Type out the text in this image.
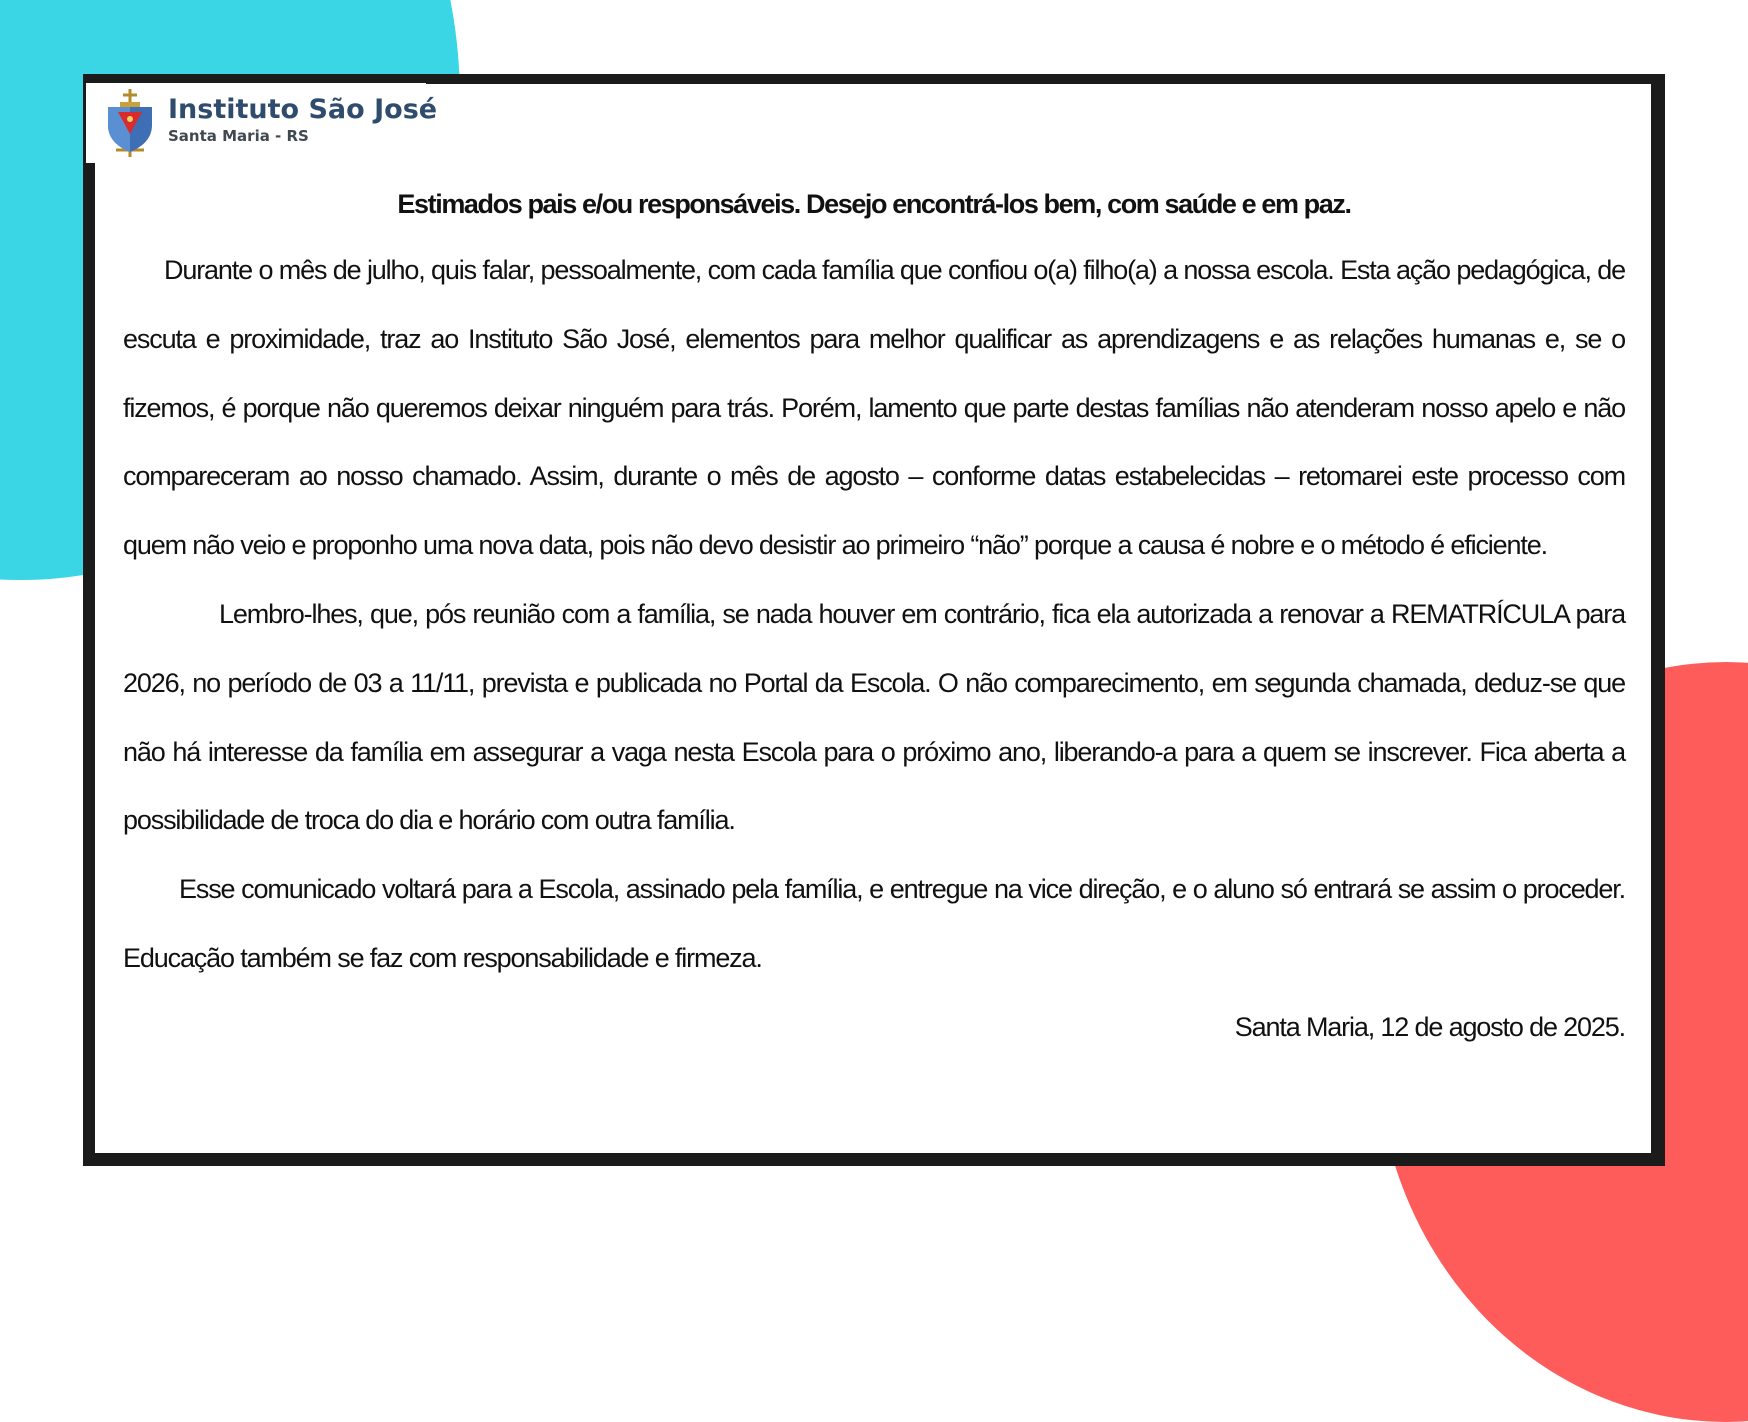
Instituto São José
Santa Maria - RS

Estimados pais e/ou responsáveis. Desejo encontrá-los bem, com saúde e em paz.

Durante o mês de julho, quis falar, pessoalmente, com cada família que confiou o(a) filho(a) a nossa escola. Esta ação pedagógica, de escuta e proximidade, traz ao Instituto São José, elementos para melhor qualificar as aprendizagens e as relações humanas e, se o fizemos, é porque não queremos deixar ninguém para trás. Porém, lamento que parte destas famílias não atenderam nosso apelo e não compareceram ao nosso chamado. Assim, durante o mês de agosto – conforme datas estabelecidas – retomarei este processo com quem não veio e proponho uma nova data, pois não devo desistir ao primeiro “não” porque a causa é nobre e o método é eficiente.

Lembro-lhes, que, pós reunião com a família, se nada houver em contrário, fica ela autorizada a renovar a REMATRÍCULA para 2026, no período de 03 a 11/11, prevista e publicada no Portal da Escola. O não comparecimento, em segunda chamada, deduz-se que não há interesse da família em assegurar a vaga nesta Escola para o próximo ano, liberando-a para a quem se inscrever. Fica aberta a possibilidade de troca do dia e horário com outra família.

Esse comunicado voltará para a Escola, assinado pela família, e entregue na vice direção, e o aluno só entrará se assim o proceder. Educação também se faz com responsabilidade e firmeza.

Santa Maria, 12 de agosto de 2025.
